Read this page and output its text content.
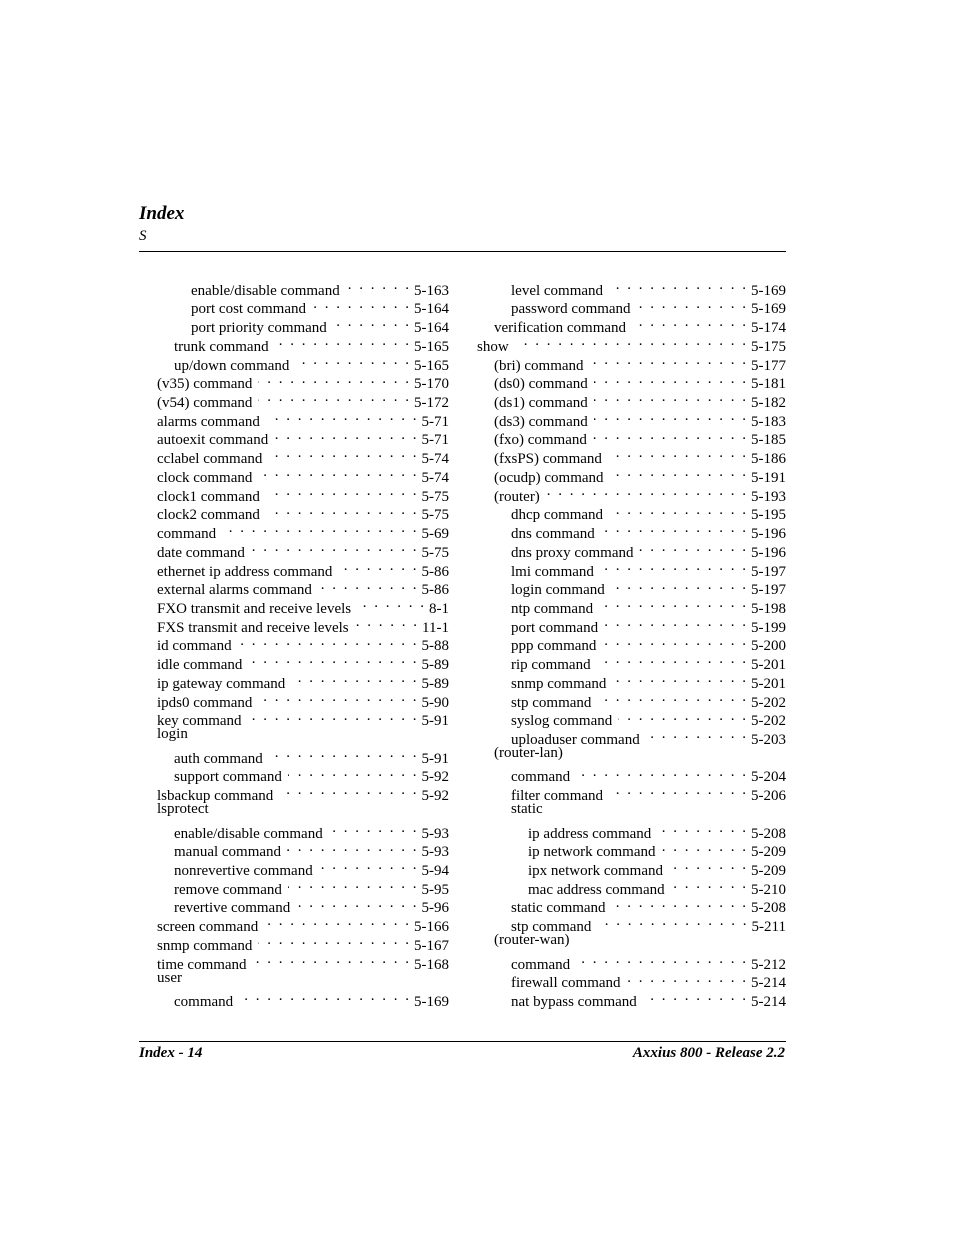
Index
S
enable/disable command . . .	5-163
port cost command . . .	5-164
port priority command . . .	5-164
trunk command . . .	5-165
up/down command . . .	5-165
(v35) command . . .	5-170
(v54) command . . .	5-172
alarms command . . .	5-71
autoexit command . . .	5-71
cclabel command . . .	5-74
clock command . . .	5-74
clock1 command . . .	5-75
clock2 command . . .	5-75
command . . .	5-69
date command . . .	5-75
ethernet ip address command . . .	5-86
external alarms command . . .	5-86
FXO transmit and receive levels . . .	8-1
FXS transmit and receive levels . . .	11-1
id command . . .	5-88
idle command . . .	5-89
ip gateway command . . .	5-89
ipds0 command . . .	5-90
key command . . .	5-91
login
auth command . . .	5-91
support command . . .	5-92
lsbackup command . . .	5-92
lsprotect
enable/disable command . . .	5-93
manual command . . .	5-93
nonrevertive command . . .	5-94
remove command . . .	5-95
revertive command . . .	5-96
screen command . . .	5-166
snmp command . . .	5-167
time command . . .	5-168
user
command . . .	5-169
level command . . .	5-169
password command . . .	5-169
verification command . . .	5-174
show . . .	5-175
(bri) command . . .	5-177
(ds0) command . . .	5-181
(ds1) command . . .	5-182
(ds3) command . . .	5-183
(fxo) command . . .	5-185
(fxsPS) command . . .	5-186
(ocudp) command . . .	5-191
(router) . . .	5-193
dhcp command . . .	5-195
dns command . . .	5-196
dns proxy command . . .	5-196
lmi command . . .	5-197
login command . . .	5-197
ntp command . . .	5-198
port command . . .	5-199
ppp command . . .	5-200
rip command . . .	5-201
snmp command . . .	5-201
stp command . . .	5-202
syslog command . . .	5-202
uploaduser command . . .	5-203
(router-lan)
command . . .	5-204
filter command . . .	5-206
static
ip address command . . .	5-208
ip network command . . .	5-209
ipx network command . . .	5-209
mac address command . . .	5-210
static command . . .	5-208
stp command . . .	5-211
(router-wan)
command . . .	5-212
firewall command . . .	5-214
nat bypass command . . .	5-214
Index - 14	Axxius 800 - Release 2.2
